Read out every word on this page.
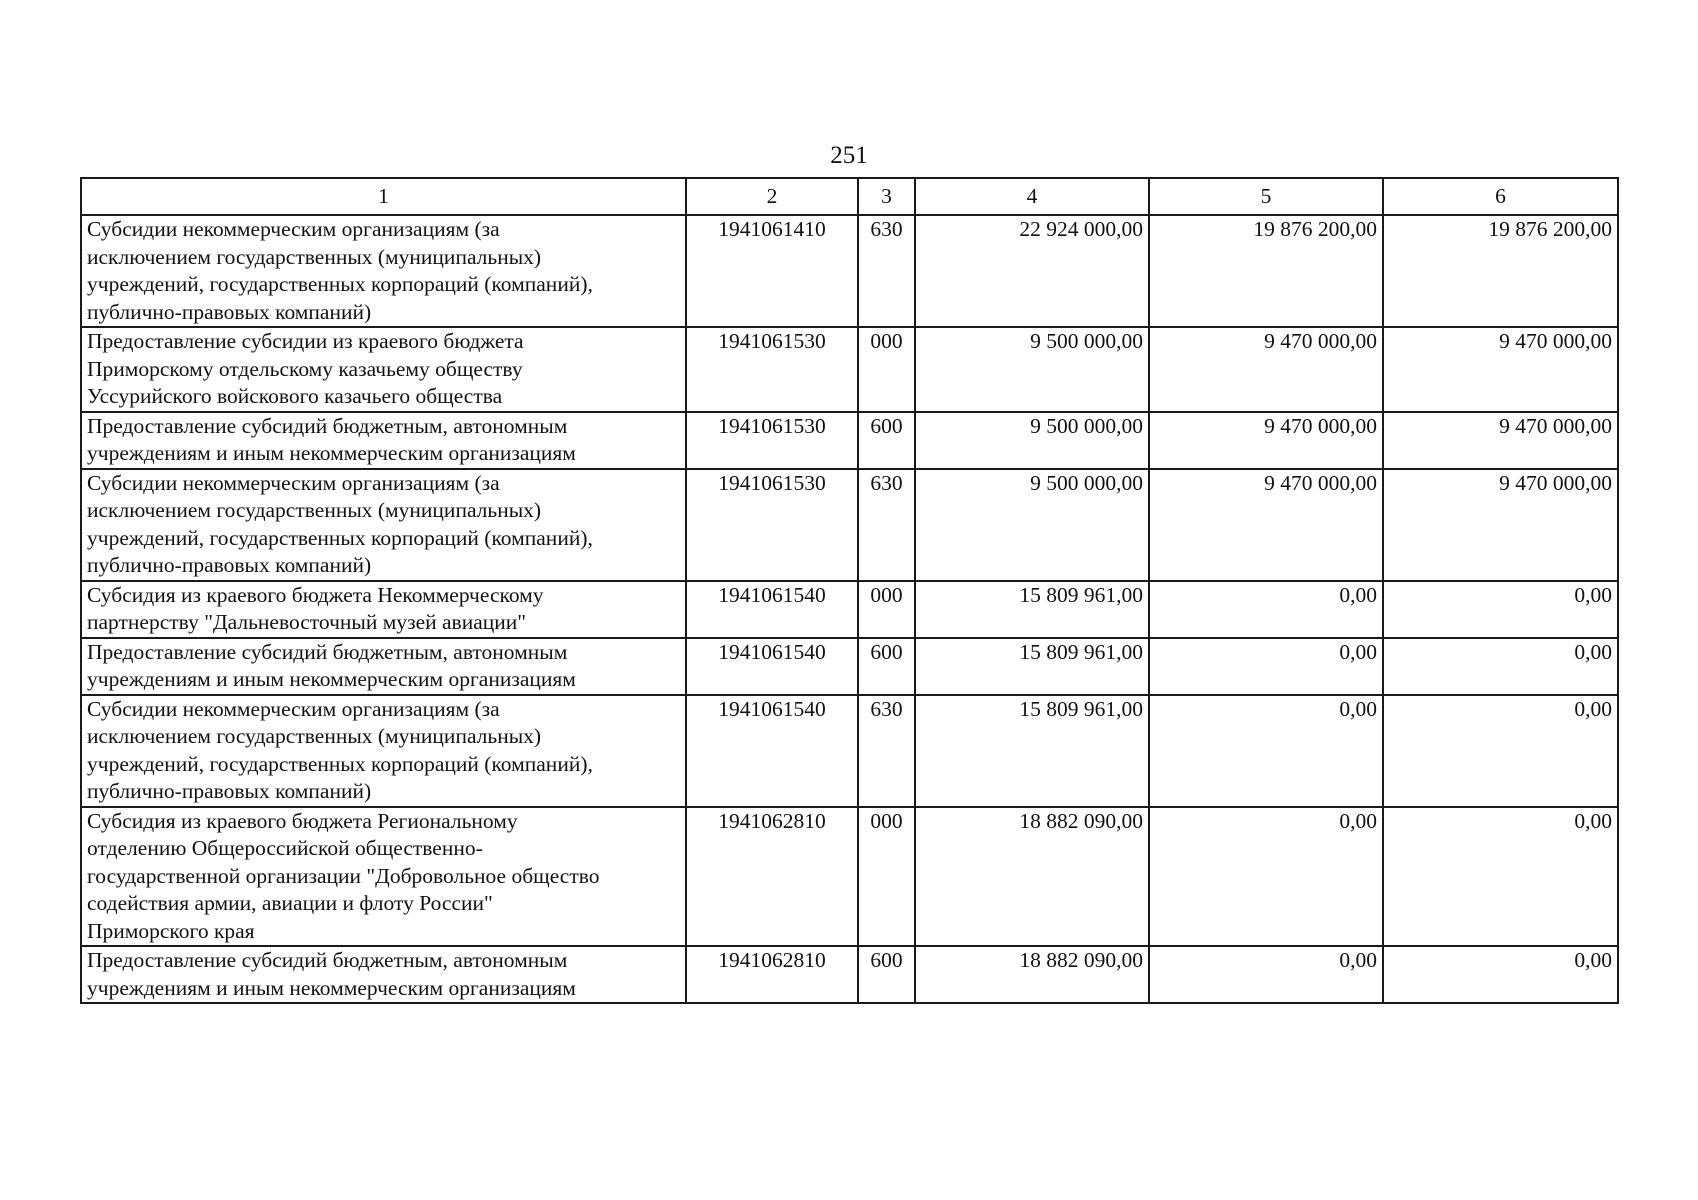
251
1	2	3	4	5	6

Субсидии некоммерческим организациям (за
исключением государственных (муниципальных)
учреждений, государственных корпораций (компаний),
публично-правовых компаний)	1941061410	630	22 924 000,00	19 876 200,00	19 876 200,00

Предоставление субсидии из краевого бюджета
Приморскому отдельскому казачьему обществу
Уссурийского войскового казачьего общества	1941061530	000	9 500 000,00	9 470 000,00	9 470 000,00

Предоставление субсидий бюджетным, автономным
учреждениям и иным некоммерческим организациям	1941061530	600	9 500 000,00	9 470 000,00	9 470 000,00

Субсидии некоммерческим организациям (за
исключением государственных (муниципальных)
учреждений, государственных корпораций (компаний),
публично-правовых компаний)	1941061530	630	9 500 000,00	9 470 000,00	9 470 000,00

Субсидия из краевого бюджета Некоммерческому
партнерству "Дальневосточный музей авиации"	1941061540	000	15 809 961,00	0,00	0,00

Предоставление субсидий бюджетным, автономным
учреждениям и иным некоммерческим организациям	1941061540	600	15 809 961,00	0,00	0,00

Субсидии некоммерческим организациям (за
исключением государственных (муниципальных)
учреждений, государственных корпораций (компаний),
публично-правовых компаний)	1941061540	630	15 809 961,00	0,00	0,00

Субсидия из краевого бюджета Региональному
отделению Общероссийской общественно-
государственной организации "Добровольное общество
содействия армии, авиации и флоту России"
Приморского края	1941062810	000	18 882 090,00	0,00	0,00

Предоставление субсидий бюджетным, автономным
учреждениям и иным некоммерческим организациям	1941062810	600	18 882 090,00	0,00	0,00
